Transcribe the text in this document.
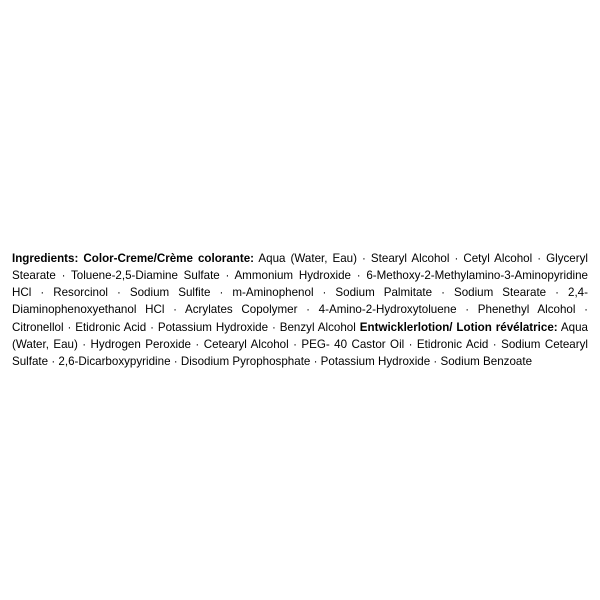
Ingredients: Color-Creme/Crème colorante: Aqua (Water, Eau) · Stearyl Alcohol · Cetyl Alcohol · Glyceryl Stearate · Toluene-2,5-Diamine Sulfate · Ammonium Hydroxide · 6-Methoxy-2-Methylamino-3-Aminopyridine HCl · Resorcinol · Sodium Sulfite · m-Aminophenol · Sodium Palmitate · Sodium Stearate · 2,4-Diaminophenoxyethanol HCl · Acrylates Copolymer · 4-Amino-2-Hydroxytoluene · Phenethyl Alcohol · Citronellol · Etidronic Acid · Potassium Hydroxide · Benzyl Alcohol Entwicklerlotion/ Lotion révélatrice: Aqua (Water, Eau) · Hydrogen Peroxide · Cetearyl Alcohol · PEG- 40 Castor Oil · Etidronic Acid · Sodium Cetearyl Sulfate · 2,6-Dicarboxypyridine · Disodium Pyrophosphate · Potassium Hydroxide · Sodium Benzoate
